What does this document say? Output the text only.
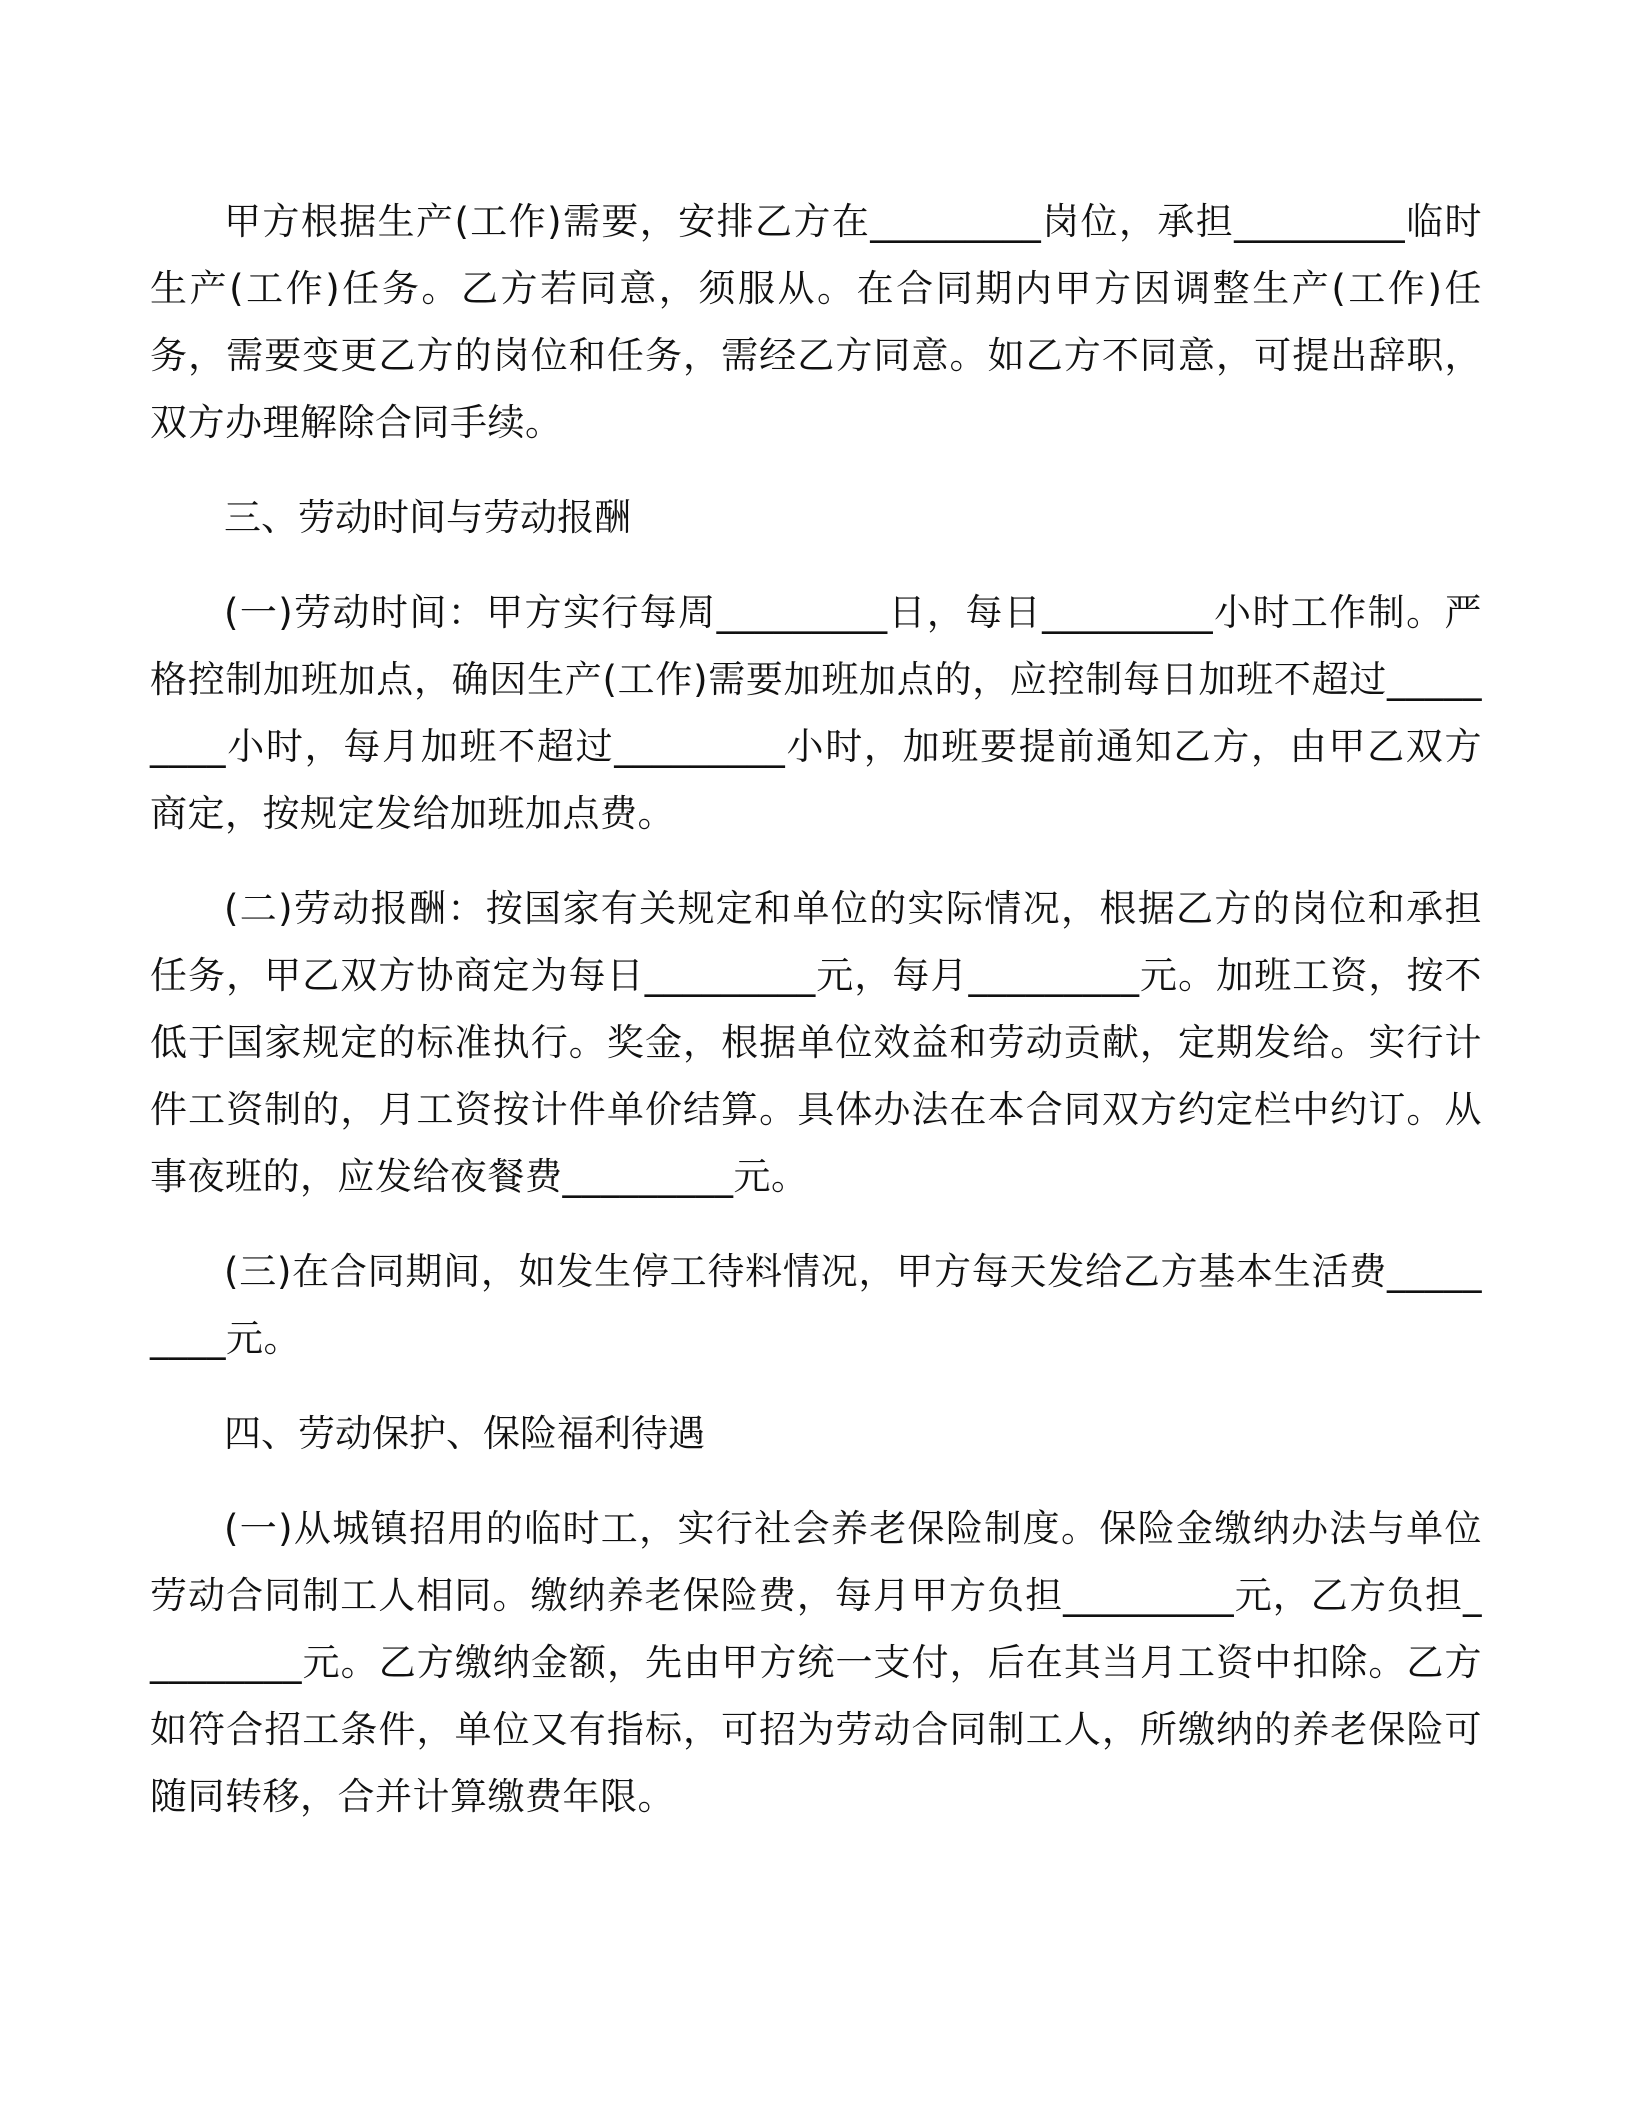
甲方根据生产(工作)需要，安排乙方在_________岗位，承担_________临时生产(工作)任务。乙方若同意，须服从。在合同期内甲方因调整生产(工作)任务，需要变更乙方的岗位和任务，需经乙方同意。如乙方不同意，可提出辞职，双方办理解除合同手续。

三、劳动时间与劳动报酬

(一)劳动时间：甲方实行每周_________日，每日_________小时工作制。严格控制加班加点，确因生产(工作)需要加班加点的，应控制每日加班不超过_________小时，每月加班不超过_________小时，加班要提前通知乙方，由甲乙双方商定，按规定发给加班加点费。

(二)劳动报酬：按国家有关规定和单位的实际情况，根据乙方的岗位和承担任务，甲乙双方协商定为每日_________元，每月_________元。加班工资，按不低于国家规定的标准执行。奖金，根据单位效益和劳动贡献，定期发给。实行计件工资制的，月工资按计件单价结算。具体办法在本合同双方约定栏中约订。从事夜班的，应发给夜餐费_________元。

(三)在合同期间，如发生停工待料情况，甲方每天发给乙方基本生活费_________元。

四、劳动保护、保险福利待遇

(一)从城镇招用的临时工，实行社会养老保险制度。保险金缴纳办法与单位劳动合同制工人相同。缴纳养老保险费，每月甲方负担_________元，乙方负担_________元。乙方缴纳金额，先由甲方统一支付，后在其当月工资中扣除。乙方如符合招工条件，单位又有指标，可招为劳动合同制工人，所缴纳的养老保险可随同转移，合并计算缴费年限。
